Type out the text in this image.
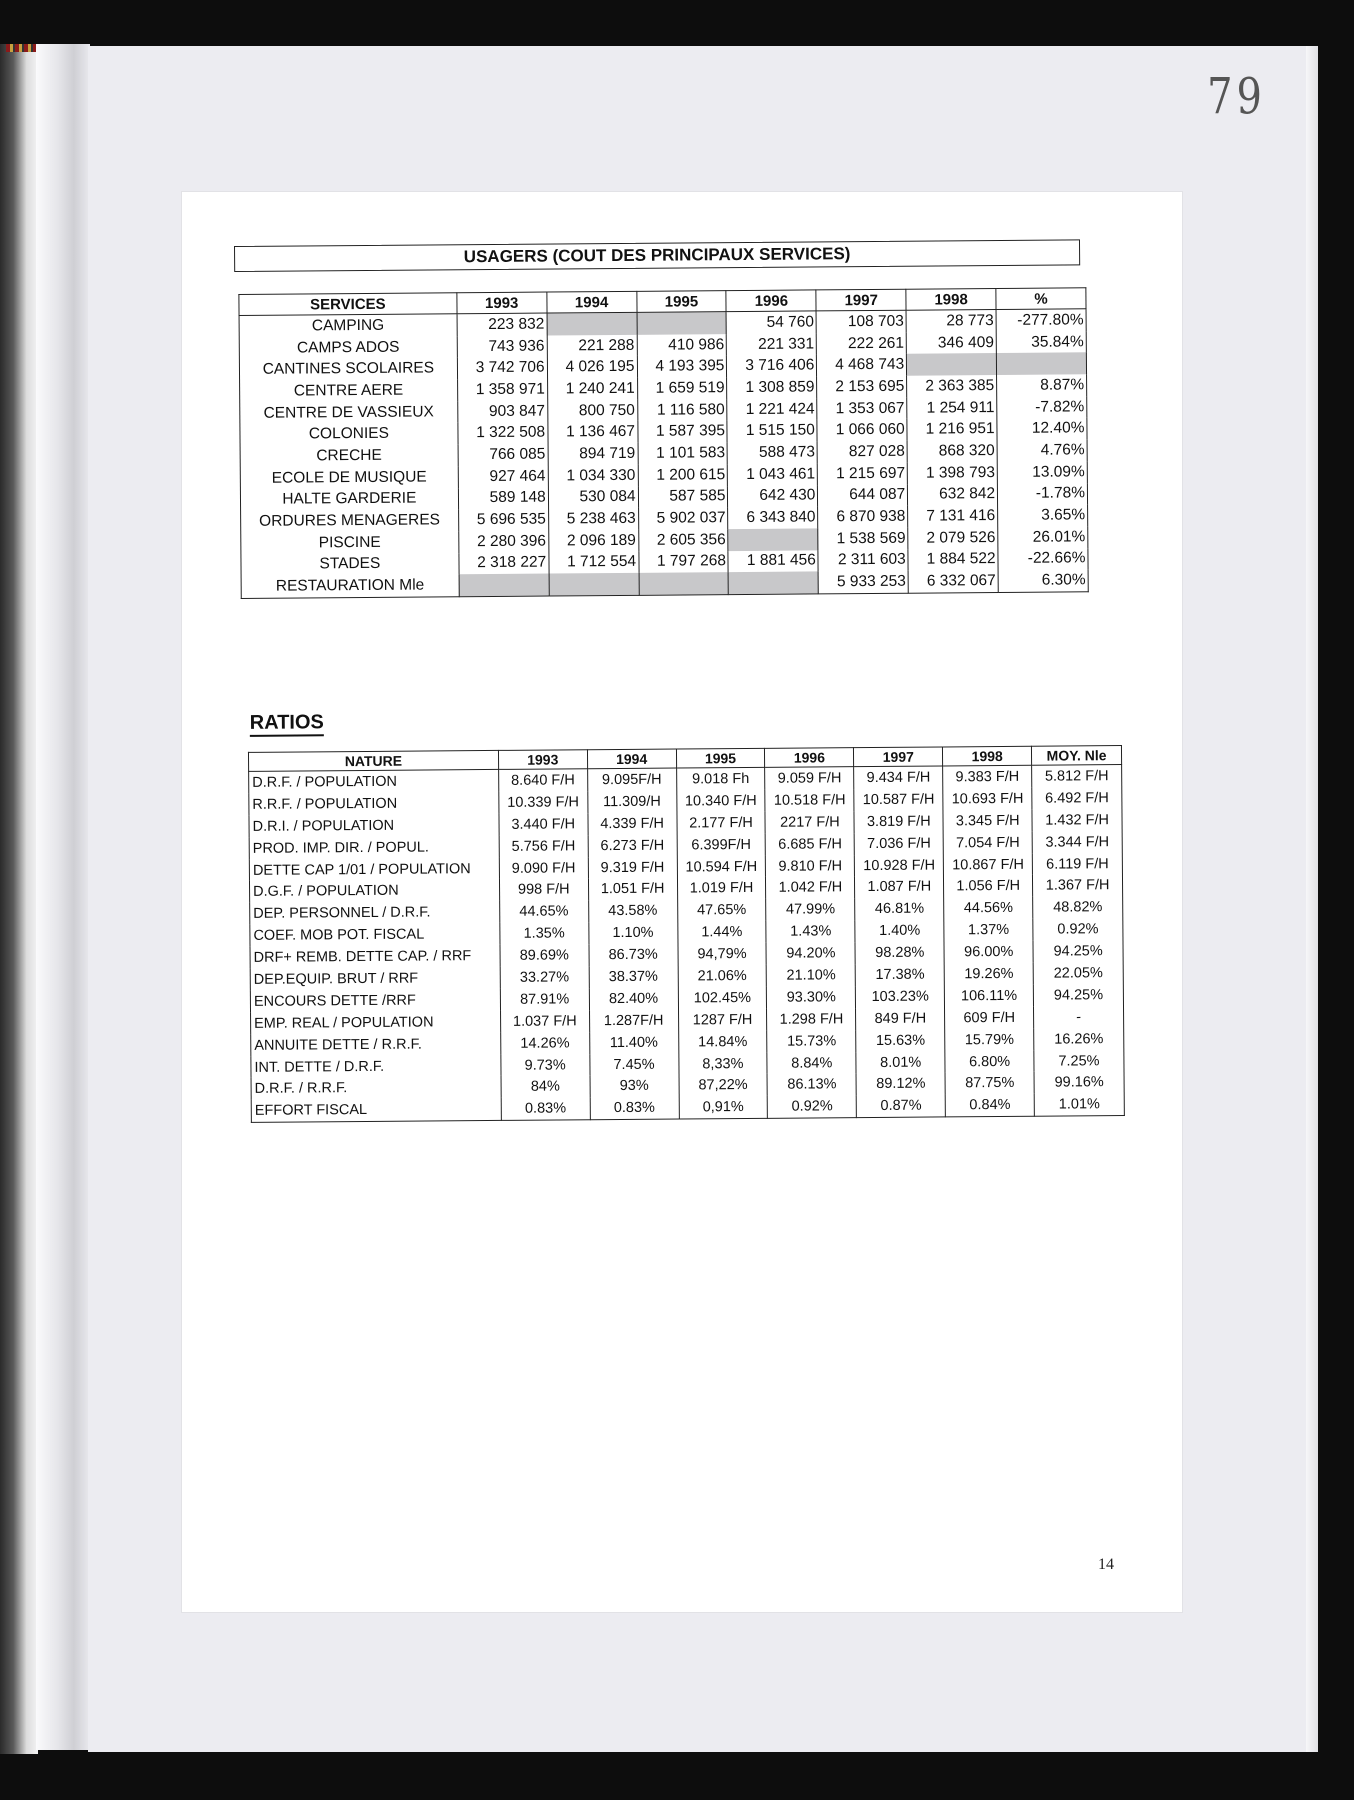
79
USAGERS (COUT DES PRINCIPAUX SERVICES)
SERVICES	1993	1994	1995	1996	1997	1998	%
CAMPING	223 832			54 760	108 703	28 773	-277.80%
CAMPS ADOS	743 936	221 288	410 986	221 331	222 261	346 409	35.84%
CANTINES SCOLAIRES	3 742 706	4 026 195	4 193 395	3 716 406	4 468 743		
CENTRE AERE	1 358 971	1 240 241	1 659 519	1 308 859	2 153 695	2 363 385	8.87%
CENTRE DE VASSIEUX	903 847	800 750	1 116 580	1 221 424	1 353 067	1 254 911	-7.82%
COLONIES	1 322 508	1 136 467	1 587 395	1 515 150	1 066 060	1 216 951	12.40%
CRECHE	766 085	894 719	1 101 583	588 473	827 028	868 320	4.76%
ECOLE DE MUSIQUE	927 464	1 034 330	1 200 615	1 043 461	1 215 697	1 398 793	13.09%
HALTE GARDERIE	589 148	530 084	587 585	642 430	644 087	632 842	-1.78%
ORDURES MENAGERES	5 696 535	5 238 463	5 902 037	6 343 840	6 870 938	7 131 416	3.65%
PISCINE	2 280 396	2 096 189	2 605 356		1 538 569	2 079 526	26.01%
STADES	2 318 227	1 712 554	1 797 268	1 881 456	2 311 603	1 884 522	-22.66%
RESTAURATION Mle					5 933 253	6 332 067	6.30%
RATIOS
NATURE	1993	1994	1995	1996	1997	1998	MOY. Nle
D.R.F. / POPULATION	8.640 F/H	9.095F/H	9.018 Fh	9.059 F/H	9.434 F/H	9.383 F/H	5.812 F/H
R.R.F. / POPULATION	10.339 F/H	11.309/H	10.340 F/H	10.518 F/H	10.587 F/H	10.693 F/H	6.492 F/H
D.R.I. / POPULATION	3.440 F/H	4.339 F/H	2.177 F/H	2217 F/H	3.819 F/H	3.345 F/H	1.432 F/H
PROD. IMP. DIR. / POPUL.	5.756 F/H	6.273 F/H	6.399F/H	6.685 F/H	7.036 F/H	7.054 F/H	3.344 F/H
DETTE CAP 1/01 / POPULATION	9.090 F/H	9.319 F/H	10.594 F/H	9.810 F/H	10.928 F/H	10.867 F/H	6.119 F/H
D.G.F. / POPULATION	998 F/H	1.051 F/H	1.019 F/H	1.042 F/H	1.087 F/H	1.056 F/H	1.367 F/H
DEP. PERSONNEL / D.R.F.	44.65%	43.58%	47.65%	47.99%	46.81%	44.56%	48.82%
COEF. MOB POT. FISCAL	1.35%	1.10%	1.44%	1.43%	1.40%	1.37%	0.92%
DRF+ REMB. DETTE CAP. / RRF	89.69%	86.73%	94,79%	94.20%	98.28%	96.00%	94.25%
DEP.EQUIP. BRUT / RRF	33.27%	38.37%	21.06%	21.10%	17.38%	19.26%	22.05%
ENCOURS DETTE /RRF	87.91%	82.40%	102.45%	93.30%	103.23%	106.11%	94.25%
EMP. REAL / POPULATION	1.037 F/H	1.287F/H	1287 F/H	1.298 F/H	849 F/H	609 F/H	-
ANNUITE DETTE / R.R.F.	14.26%	11.40%	14.84%	15.73%	15.63%	15.79%	16.26%
INT. DETTE / D.R.F.	9.73%	7.45%	8,33%	8.84%	8.01%	6.80%	7.25%
D.R.F. / R.R.F.	84%	93%	87,22%	86.13%	89.12%	87.75%	99.16%
EFFORT FISCAL	0.83%	0.83%	0,91%	0.92%	0.87%	0.84%	1.01%
14
